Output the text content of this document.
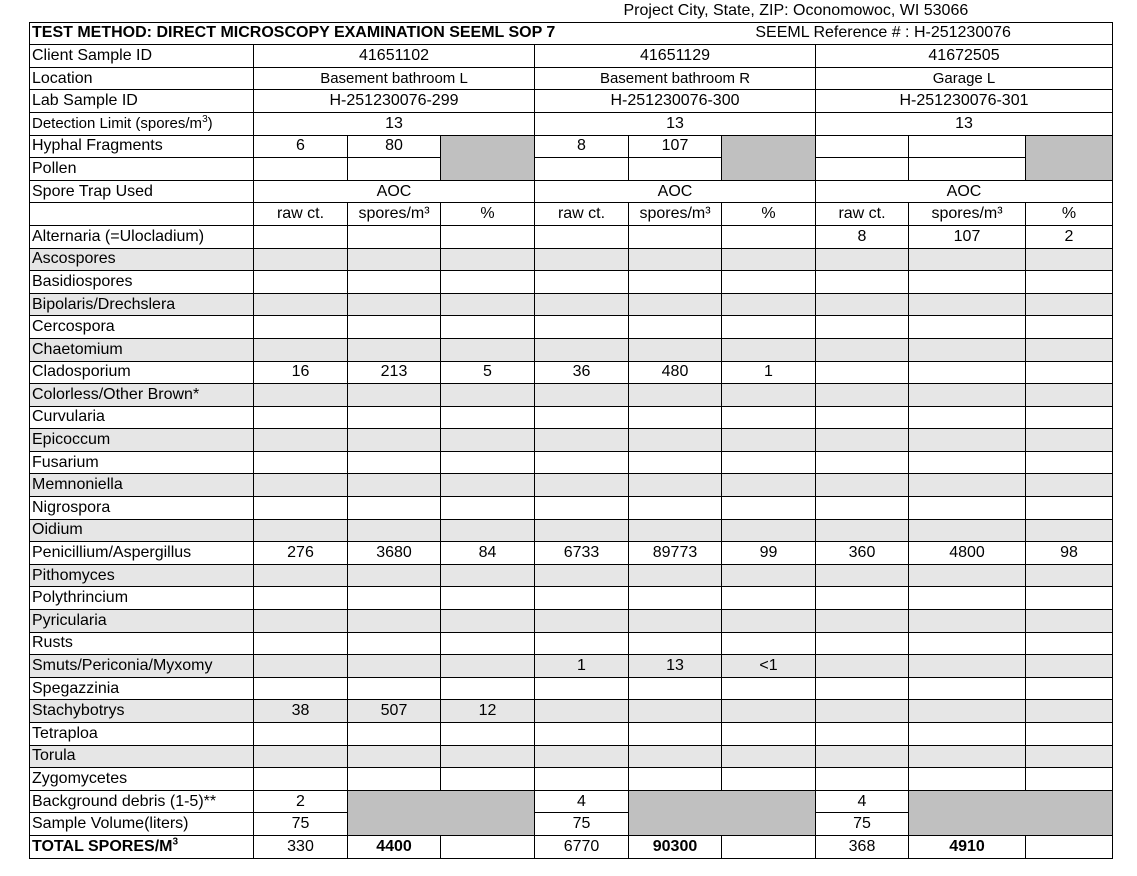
				Project City, State, ZIP: Oconomowoc, WI 53066					
TEST METHOD: DIRECT MICROSCOPY EXAMINATION SEEML SOP 7						SEEML Reference # : H-251230076			
Client Sample ID	41651102			41651129			41672505		
Location	Basement bathroom L			Basement bathroom R			Garage L		
Lab Sample ID	H-251230076-299			H-251230076-300			H-251230076-301		
Detection Limit $(spores/m^3)$	13			13			13		
Hyphal Fragments	6	80		8	107				
Pollen									
Spore Trap Used	AOC			AOC			AOC		
	raw ct.	spores/m³	%	raw ct.	spores/m³	%	raw ct.	spores/m³	%
Alternaria (=Ulocladium)							8	107	2
Ascospores									
Basidiospores									
Bipolaris/Drechslera									
Cercospora									
Chaetomium									
Cladosporium	16	213	5	36	480	1			
Colorless/Other Brown*									
Curvularia									
Epicoccum									
Fusarium									
Memnoniella									
Nigrospora									
Oidium									
Penicillium/Aspergillus	276	3680	84	6733	89773	99	360	4800	98
Pithomyces									
Polythrincium									
Pyricularia									
Rusts									
Smuts/Periconia/Myxomy				1	13	<1			
Spegazzinia									
Stachybotrys	38	507	12						
Tetraploa									
Torula									
Zygomycetes									
Background debris (1-5)**	2			4			4		
Sample Volume(liters)	75			75			75		
TOTAL SPORES/$M^3$	330	4400		6770	90300		368	4910	
